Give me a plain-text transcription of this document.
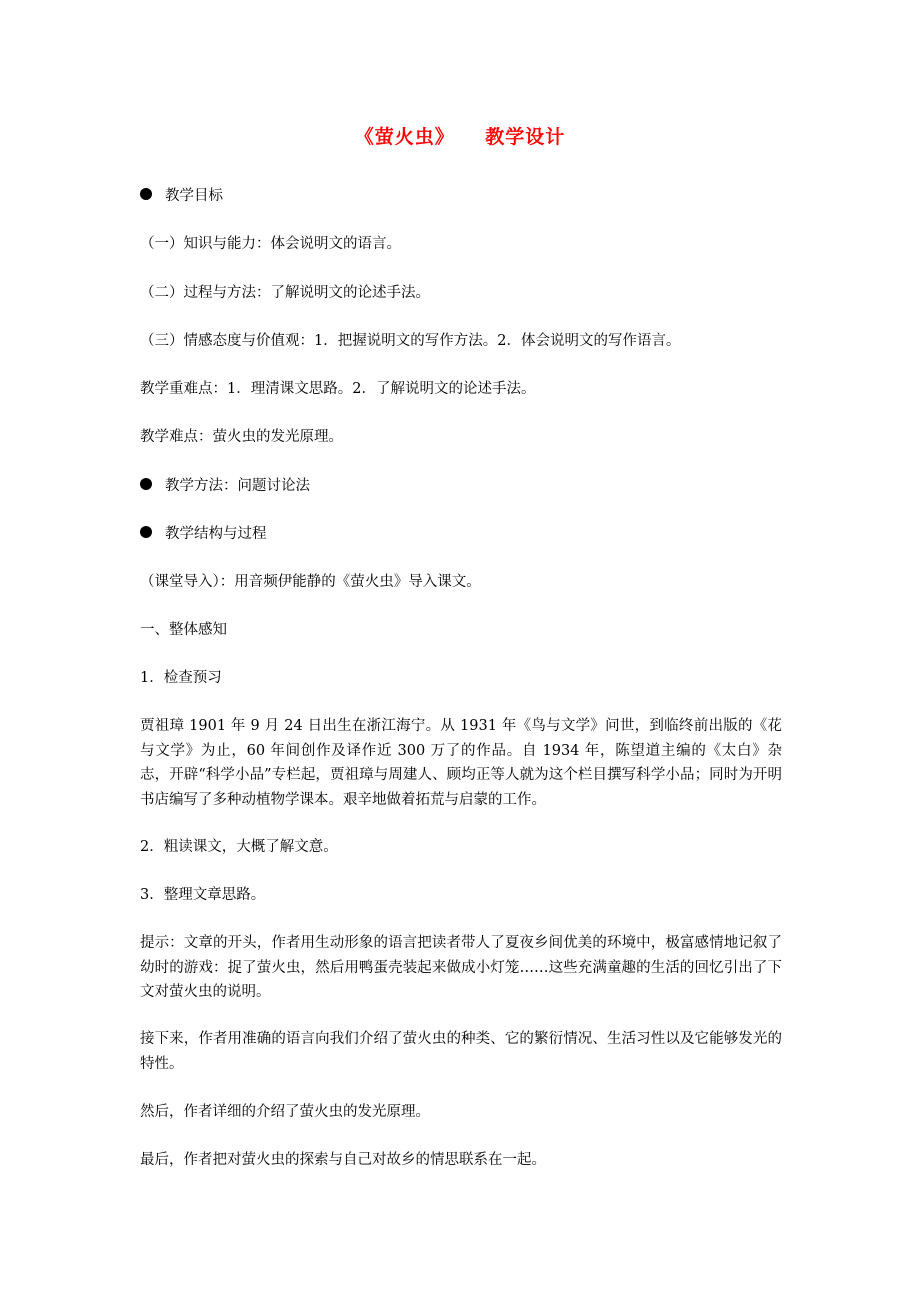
《萤火虫》    教学设计
教学目标
（一）知识与能力：体会说明文的语言。
（二）过程与方法：了解说明文的论述手法。
（三）情感态度与价值观：1．把握说明文的写作方法。2．体会说明文的写作语言。
教学重难点：1．理清课文思路。2．了解说明文的论述手法。
教学难点：萤火虫的发光原理。
教学方法：问题讨论法
教学结构与过程
（课堂导入）：用音频伊能静的《萤火虫》导入课文。
一、整体感知
1．检查预习
贾祖璋 1901 年 9 月 24 日出生在浙江海宁。从 1931 年《鸟与文学》问世，到临终前出版的《花与文学》为止，60 年间创作及译作近 300 万了的作品。自 1934 年，陈望道主编的《太白》杂志，开辟“科学小品”专栏起，贾祖璋与周建人、顾均正等人就为这个栏目撰写科学小品；同时为开明书店编写了多种动植物学课本。艰辛地做着拓荒与启蒙的工作。
2．粗读课文，大概了解文意。
3．整理文章思路。
提示：文章的开头，作者用生动形象的语言把读者带人了夏夜乡间优美的环境中，极富感情地记叙了幼时的游戏：捉了萤火虫，然后用鸭蛋壳装起来做成小灯笼……这些充满童趣的生活的回忆引出了下文对萤火虫的说明。
接下来，作者用准确的语言向我们介绍了萤火虫的种类、它的繁衍情况、生活习性以及它能够发光的特性。
然后，作者详细的介绍了萤火虫的发光原理。
最后，作者把对萤火虫的探索与自己对故乡的情思联系在一起。
